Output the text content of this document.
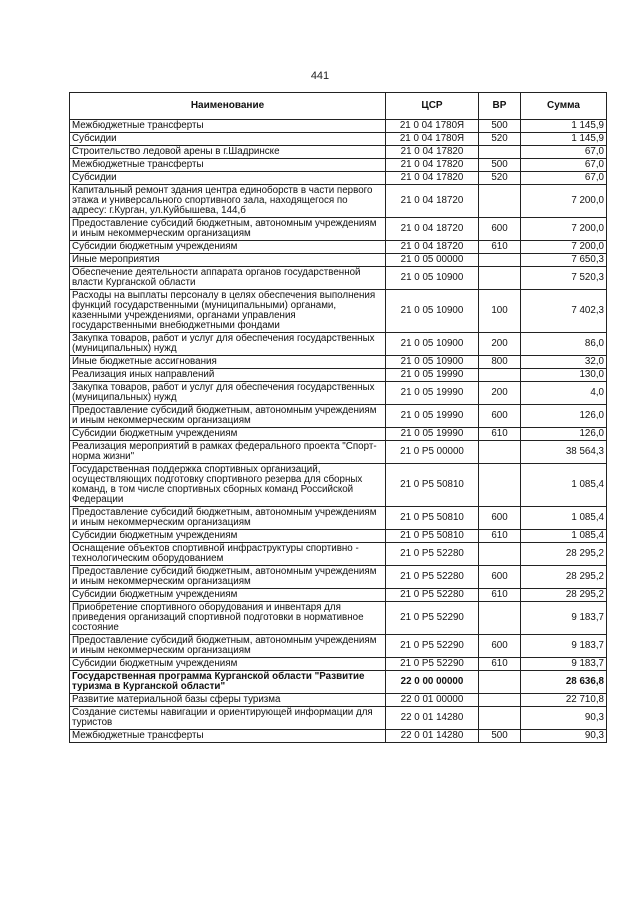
441
Наименование	ЦСР	ВР	Сумма
Межбюджетные трансферты	21 0 04 1780Я	500	1 145,9
Субсидии	21 0 04 1780Я	520	1 145,9
Строительство ледовой арены в г.Шадринске	21 0 04 17820		67,0
Межбюджетные трансферты	21 0 04 17820	500	67,0
Субсидии	21 0 04 17820	520	67,0
Капитальный ремонт здания центра единоборств в части первого этажа и универсального спортивного зала, находящегося по адресу: г.Курган, ул.Куйбышева, 144,б	21 0 04 18720		7 200,0
Предоставление субсидий бюджетным, автономным учреждениям и иным некоммерческим организациям	21 0 04 18720	600	7 200,0
Субсидии бюджетным учреждениям	21 0 04 18720	610	7 200,0
Иные мероприятия	21 0 05 00000		7 650,3
Обеспечение деятельности аппарата органов государственной власти Курганской области	21 0 05 10900		7 520,3
Расходы на выплаты персоналу в целях обеспечения выполнения функций государственными (муниципальными) органами, казенными учреждениями, органами управления государственными внебюджетными фондами	21 0 05 10900	100	7 402,3
Закупка товаров, работ и услуг для обеспечения государственных (муниципальных) нужд	21 0 05 10900	200	86,0
Иные бюджетные ассигнования	21 0 05 10900	800	32,0
Реализация иных направлений	21 0 05 19990		130,0
Закупка товаров, работ и услуг для обеспечения государственных (муниципальных) нужд	21 0 05 19990	200	4,0
Предоставление субсидий бюджетным, автономным учреждениям и иным некоммерческим организациям	21 0 05 19990	600	126,0
Субсидии бюджетным учреждениям	21 0 05 19990	610	126,0
Реализация мероприятий в рамках федерального проекта "Спорт-норма жизни"	21 0 P5 00000		38 564,3
Государственная поддержка спортивных организаций, осуществляющих подготовку спортивного резерва для сборных команд, в том числе спортивных сборных команд Российской Федерации	21 0 P5 50810		1 085,4
Предоставление субсидий бюджетным, автономным учреждениям и иным некоммерческим организациям	21 0 P5 50810	600	1 085,4
Субсидии бюджетным учреждениям	21 0 P5 50810	610	1 085,4
Оснащение объектов спортивной инфраструктуры спортивно - технологическим оборудованием	21 0 P5 52280		28 295,2
Предоставление субсидий бюджетным, автономным учреждениям и иным некоммерческим организациям	21 0 P5 52280	600	28 295,2
Субсидии бюджетным учреждениям	21 0 P5 52280	610	28 295,2
Приобретение спортивного оборудования и инвентаря для приведения организаций спортивной подготовки в нормативное состояние	21 0 P5 52290		9 183,7
Предоставление субсидий бюджетным, автономным учреждениям и иным некоммерческим организациям	21 0 P5 52290	600	9 183,7
Субсидии бюджетным учреждениям	21 0 P5 52290	610	9 183,7
Государственная программа Курганской области "Развитие туризма в Курганской области"	22 0 00 00000		28 636,8
Развитие материальной базы сферы туризма	22 0 01 00000		22 710,8
Создание системы навигации и ориентирующей информации для туристов	22 0 01 14280		90,3
Межбюджетные трансферты	22 0 01 14280	500	90,3
